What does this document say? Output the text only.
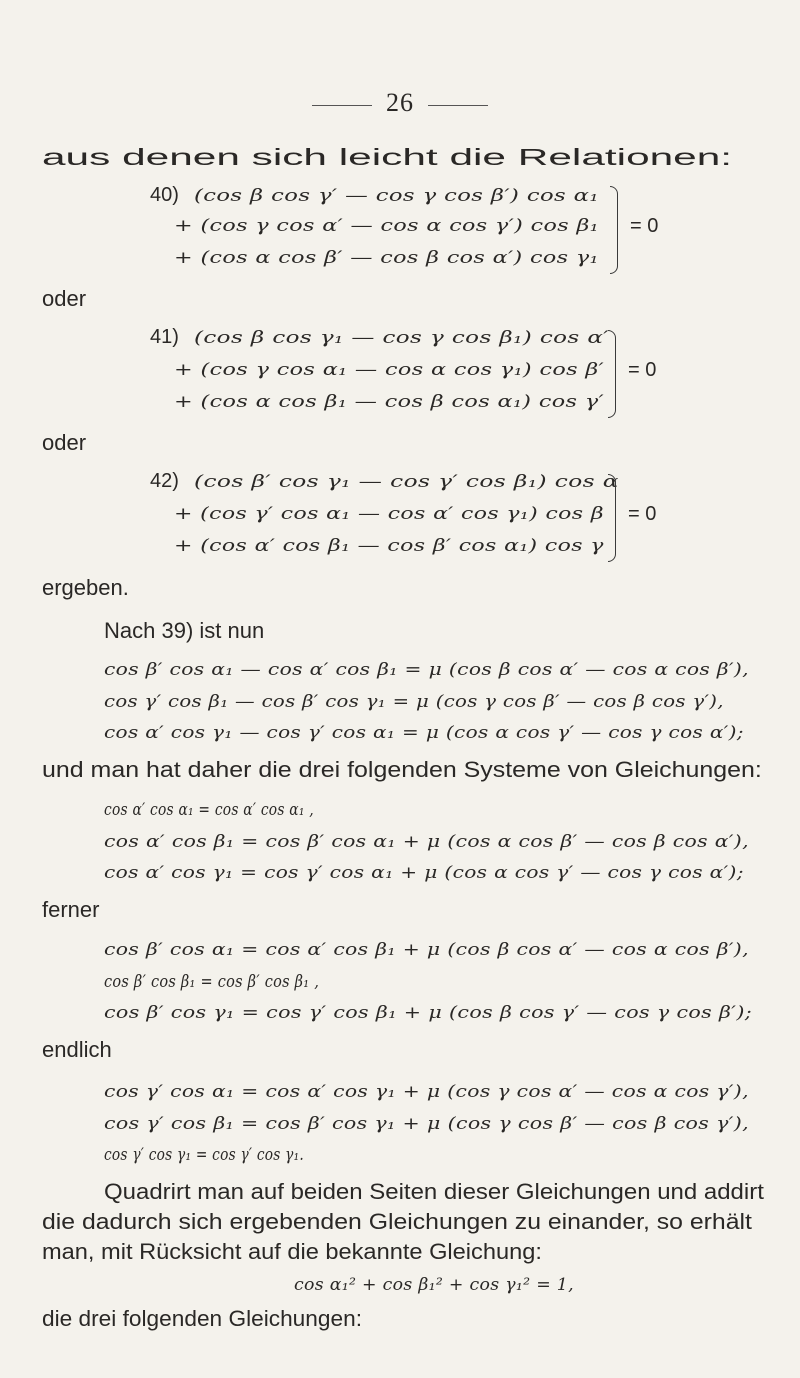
26
aus denen sich leicht die Relationen:
40) (cos β cos γ′ — cos γ cos β′) cos α₁
+ (cos γ cos α′ — cos α cos γ′) cos β₁
+ (cos α cos β′ — cos β cos α′) cos γ₁
= 0
oder
41) (cos β cos γ₁ — cos γ cos β₁) cos α′
+ (cos γ cos α₁ — cos α cos γ₁) cos β′
+ (cos α cos β₁ — cos β cos α₁) cos γ′
= 0
oder
42) (cos β′ cos γ₁ — cos γ′ cos β₁) cos α
+ (cos γ′ cos α₁ — cos α′ cos γ₁) cos β
+ (cos α′ cos β₁ — cos β′ cos α₁) cos γ
= 0
ergeben.
Nach 39) ist nun
cos β′ cos α₁ — cos α′ cos β₁ = μ (cos β cos α′ — cos α cos β′),
cos γ′ cos β₁ — cos β′ cos γ₁ = μ (cos γ cos β′ — cos β cos γ′),
cos α′ cos γ₁ — cos γ′ cos α₁ = μ (cos α cos γ′ — cos γ cos α′);
und man hat daher die drei folgenden Systeme von Gleichungen:
cos α′ cos α₁ = cos α′ cos α₁ ,
cos α′ cos β₁ = cos β′ cos α₁ + μ (cos α cos β′ — cos β cos α′),
cos α′ cos γ₁ = cos γ′ cos α₁ + μ (cos α cos γ′ — cos γ cos α′);
ferner
cos β′ cos α₁ = cos α′ cos β₁ + μ (cos β cos α′ — cos α cos β′),
cos β′ cos β₁ = cos β′ cos β₁ ,
cos β′ cos γ₁ = cos γ′ cos β₁ + μ (cos β cos γ′ — cos γ cos β′);
endlich
cos γ′ cos α₁ = cos α′ cos γ₁ + μ (cos γ cos α′ — cos α cos γ′),
cos γ′ cos β₁ = cos β′ cos γ₁ + μ (cos γ cos β′ — cos β cos γ′),
cos γ′ cos γ₁ = cos γ′ cos γ₁.
Quadrirt man auf beiden Seiten dieser Gleichungen und addirt
die dadurch sich ergebenden Gleichungen zu einander, so erhält
man, mit Rücksicht auf die bekannte Gleichung:
cos α₁² + cos β₁² + cos γ₁² = 1,
die drei folgenden Gleichungen:
